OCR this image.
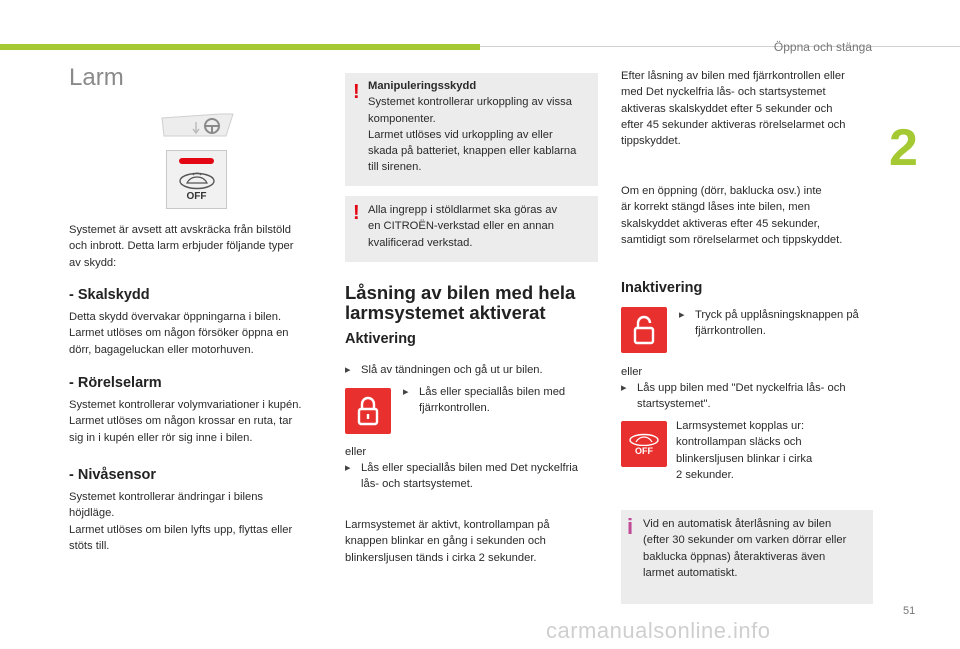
Öppna och stänga
2
Larm
OFF
Systemet är avsett att avskräcka från bilstöld
och inbrott. Detta larm erbjuder följande typer
av skydd:
- Skalskydd
Detta skydd övervakar öppningarna i bilen.
Larmet utlöses om någon försöker öppna en
dörr, bagageluckan eller motorhuven.
- Rörelselarm
Systemet kontrollerar volymvariationer i kupén.
Larmet utlöses om någon krossar en ruta, tar
sig in i kupén eller rör sig inne i bilen.
- Nivåsensor
Systemet kontrollerar ändringar i bilens
höjdläge.
Larmet utlöses om bilen lyfts upp, flyttas eller
stöts till.
! Manipuleringsskydd
Systemet kontrollerar urkoppling av vissa
komponenter.
Larmet utlöses vid urkoppling av eller
skada på batteriet, knappen eller kablarna
till sirenen.
! Alla ingrepp i stöldlarmet ska göras av
en CITROËN-verkstad eller en annan
kvalificerad verkstad.
Låsning av bilen med hela
larmsystemet aktiverat
Aktivering
▸ Slå av tändningen och gå ut ur bilen.
▸ Lås eller speciallås bilen med
fjärrkontrollen.
eller
▸ Lås eller speciallås bilen med Det nyckelfria
lås- och startsystemet.
Larmsystemet är aktivt, kontrollampan på
knappen blinkar en gång i sekunden och
blinkersljusen tänds i cirka 2 sekunder.
Efter låsning av bilen med fjärrkontrollen eller
med Det nyckelfria lås- och startsystemet
aktiveras skalskyddet efter 5 sekunder och
efter 45 sekunder aktiveras rörelselarmet och
tippskyddet.
Om en öppning (dörr, baklucka osv.) inte
är korrekt stängd låses inte bilen, men
skalskyddet aktiveras efter 45 sekunder,
samtidigt som rörelselarmet och tippskyddet.
Inaktivering
▸ Tryck på upplåsningsknappen på
fjärrkontrollen.
eller
▸ Lås upp bilen med "Det nyckelfria lås- och
startsystemet".
OFF
Larmsystemet kopplas ur:
kontrollampan släcks och
blinkersljusen blinkar i cirka
2 sekunder.
i Vid en automatisk återlåsning av bilen
(efter 30 sekunder om varken dörrar eller
baklucka öppnas) återaktiveras även
larmet automatiskt.
51
carmanualsonline.info
